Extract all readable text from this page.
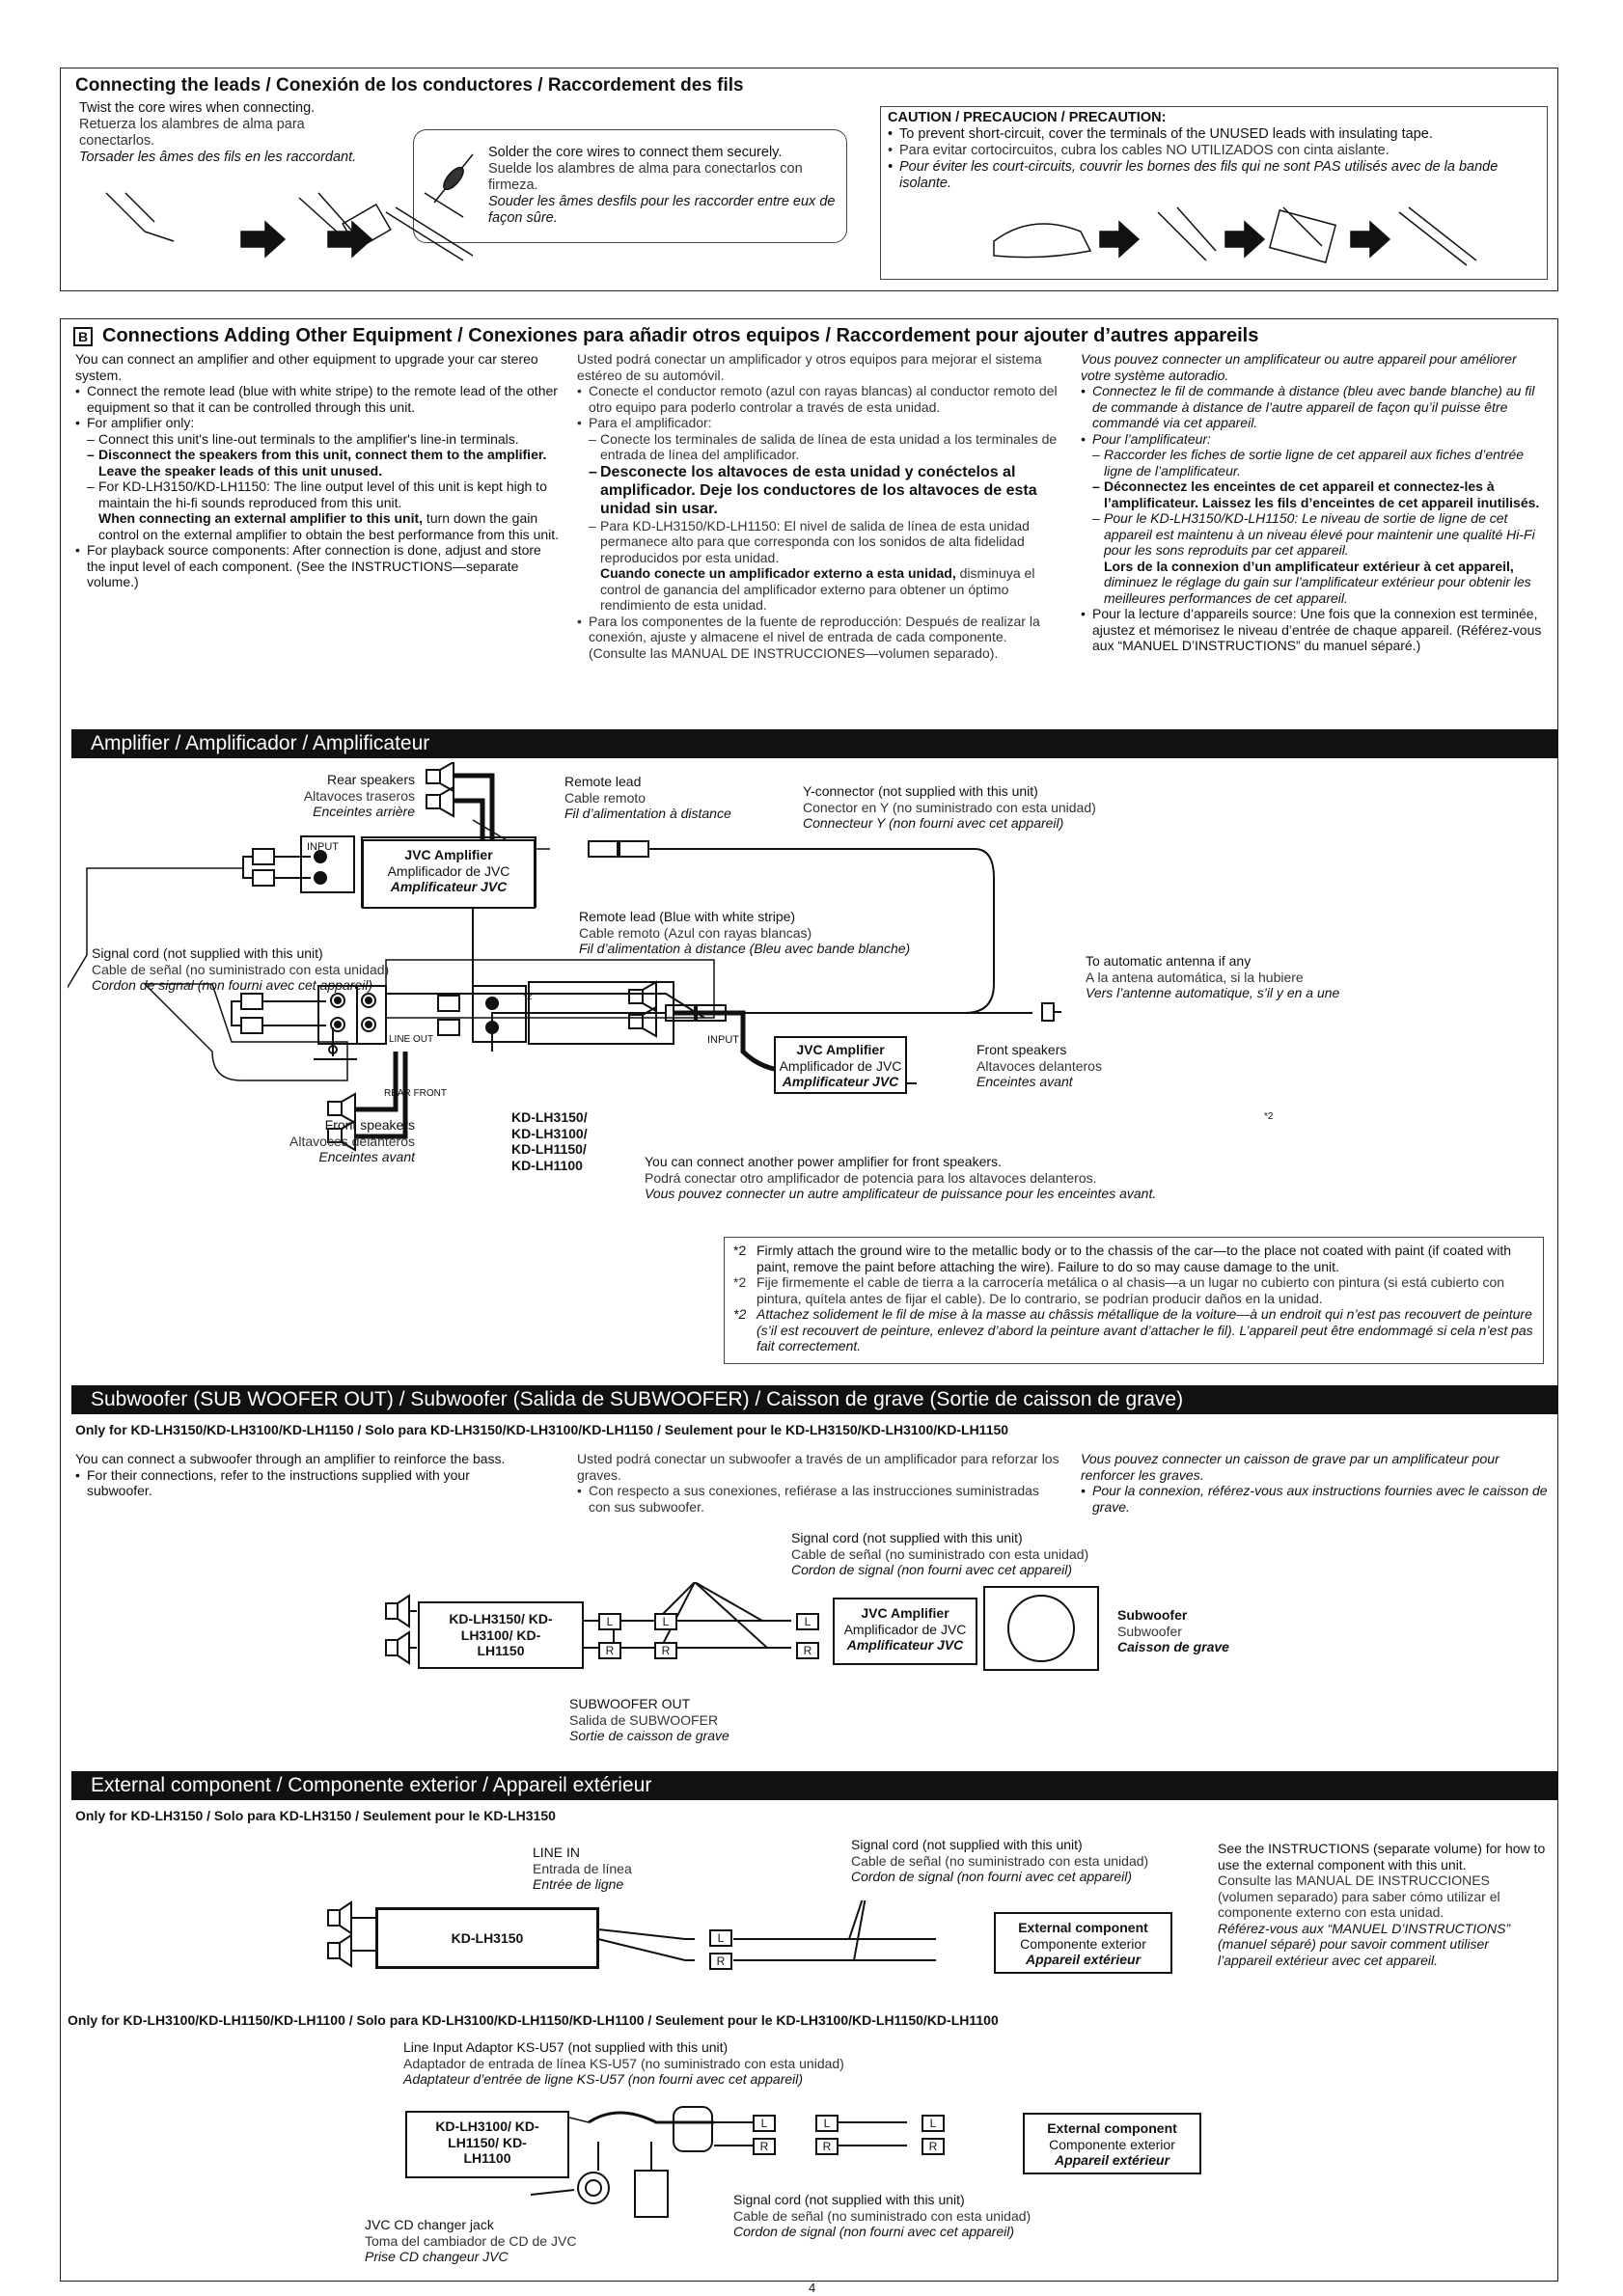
Connecting the leads / Conexión de los conductores / Raccordement des fils
Twist the core wires when connecting.
Retuerza los alambres de alma para conectarlos.
Torsader les âmes des fils en les raccordant.	Solder the core wires to connect them securely.
Suelde los alambres de alma para conectarlos con firmeza.
Souder les âmes desfils pour les raccorder entre eux de façon sûre.
CAUTION / PRECAUCION / PRECAUTION:
• To prevent short-circuit, cover the terminals of the UNUSED leads with insulating tape.
• Para evitar cortocircuitos, cubra los cables NO UTILIZADOS con cinta aislante.
• Pour éviter les court-circuits, couvrir les bornes des fils qui ne sont PAS utilisés avec de la bande isolante.
B Connections Adding Other Equipment / Conexiones para añadir otros equipos / Raccordement pour ajouter d’autres appareils
You can connect an amplifier and other equipment to upgrade your car stereo system.
• Connect the remote lead (blue with white stripe) to the remote lead of the other equipment so that it can be controlled through this unit.
• For amplifier only:
– Connect this unit's line-out terminals to the amplifier's line-in terminals.
– Disconnect the speakers from this unit, connect them to the amplifier. Leave the speaker leads of this unit unused.
– For KD-LH3150/KD-LH1150: The line output level of this unit is kept high to maintain the hi-fi sounds reproduced from this unit.
When connecting an external amplifier to this unit, turn down the gain control on the external amplifier to obtain the best performance from this unit.
• For playback source components: After connection is done, adjust and store the input level of each component. (See the INSTRUCTIONS—separate volume.)
Usted podrá conectar un amplificador y otros equipos para mejorar el sistema estéreo de su automóvil.
• Conecte el conductor remoto (azul con rayas blancas) al conductor remoto del otro equipo para poderlo controlar a través de esta unidad.
• Para el amplificador:
– Conecte los terminales de salida de línea de esta unidad a los terminales de entrada de línea del amplificador.
– Desconecte los altavoces de esta unidad y conéctelos al amplificador. Deje los conductores de los altavoces de esta unidad sin usar.
– Para KD-LH3150/KD-LH1150: El nivel de salida de línea de esta unidad permanece alto para que corresponda con los sonidos de alta fidelidad reproducidos por esta unidad.
Cuando conecte un amplificador externo a esta unidad, disminuya el control de ganancia del amplificador externo para obtener un óptimo rendimiento de esta unidad.
• Para los componentes de la fuente de reproducción: Después de realizar la conexión, ajuste y almacene el nivel de entrada de cada componente. (Consulte las MANUAL DE INSTRUCCIONES—volumen separado).
Vous pouvez connecter un amplificateur ou autre appareil pour améliorer votre système autoradio.
• Connectez le fil de commande à distance (bleu avec bande blanche) au fil de commande à distance de l’autre appareil de façon qu’il puisse être commandé via cet appareil.
• Pour l’amplificateur:
– Raccorder les fiches de sortie ligne de cet appareil aux fiches d’entrée ligne de l’amplificateur.
– Déconnectez les enceintes de cet appareil et connectez-les à l’amplificateur. Laissez les fils d’enceintes de cet appareil inutilisés.
– Pour le KD-LH3150/KD-LH1150: Le niveau de sortie de ligne de cet appareil est maintenu à un niveau élevé pour maintenir une qualité Hi-Fi pour les sons reproduits par cet appareil.
Lors de la connexion d’un amplificateur extérieur à cet appareil, diminuez le réglage du gain sur l’amplificateur extérieur pour obtenir les meilleures performances de cet appareil.
• Pour la lecture d’appareils source: Une fois que la connexion est terminée, ajustez et mémorisez le niveau d’entrée de chaque appareil. (Référez-vous aux “MANUEL D’INSTRUCTIONS” du manuel séparé.)
Amplifier / Amplificador / Amplificateur
Rear speakers
Altavoces traseros
Enceintes arrière
Remote lead
Cable remoto
Fil d’alimentation à distance
Y-connector (not supplied with this unit)
Conector en Y (no suministrado con esta unidad)
Connecteur Y (non fourni avec cet appareil)
INPUT	JVC Amplifier
Amplificador de JVC
Amplificateur JVC
Remote lead (Blue with white stripe)
Cable remoto (Azul con rayas blancas)
Fil d’alimentation à distance (Bleu avec bande blanche)
Signal cord (not supplied with this unit)
Cable de señal (no suministrado con esta unidad)
Cordon de signal (non fourni avec cet appareil)
To automatic antenna if any
A la antena automática, si la hubiere
Vers l’antenne automatique, s’il y en a une
LINE OUT
REAR FRONT
*2
INPUT
JVC Amplifier
Amplificador de JVC
Amplificateur JVC
Front speakers
Altavoces delanteros
Enceintes avant
*2
Front speakers
Altavoces delanteros
Enceintes avant
KD-LH3150/ KD-LH3100/ KD-LH1150/ KD-LH1100	You can connect another power amplifier for front speakers.
Podrá conectar otro amplificador de potencia para los altavoces delanteros.
Vous pouvez connecter un autre amplificateur de puissance pour les enceintes avant.
*2 Firmly attach the ground wire to the metallic body or to the chassis of the car—to the place not coated with paint (if coated with paint, remove the paint before attaching the wire). Failure to do so may cause damage to the unit.
*2 Fije firmemente el cable de tierra a la carrocería metálica o al chasis—a un lugar no cubierto con pintura (si está cubierto con pintura, quítela antes de fijar el cable). De lo contrario, se podrían producir daños en la unidad.
*2 Attachez solidement le fil de mise à la masse au châssis métallique de la voiture—à un endroit qui n’est pas recouvert de peinture (s’il est recouvert de peinture, enlevez d’abord la peinture avant d’attacher le fil). L’appareil peut être endommagé si cela n’est pas fait correctement.
Subwoofer (SUB WOOFER OUT) / Subwoofer (Salida de SUBWOOFER) / Caisson de grave (Sortie de caisson de grave)
Only for KD-LH3150/KD-LH3100/KD-LH1150 / Solo para KD-LH3150/KD-LH3100/KD-LH1150 / Seulement pour le KD-LH3150/KD-LH3100/KD-LH1150
You can connect a subwoofer through an amplifier to reinforce the bass.
• For their connections, refer to the instructions supplied with your subwoofer.
Usted podrá conectar un subwoofer a través de un amplificador para reforzar los graves.
• Con respecto a sus conexiones, refiérase a las instrucciones suministradas con sus subwoofer.
Vous pouvez connecter un caisson de grave par un amplificateur pour renforcer les graves.
• Pour la connexion, référez-vous aux instructions fournies avec le caisson de grave.
Signal cord (not supplied with this unit)
Cable de señal (no suministrado con esta unidad)
Cordon de signal (non fourni avec cet appareil)
KD-LH3150/ KD-LH3100/ KD-LH1150
L	L
R	R
L
R
JVC Amplifier
Amplificador de JVC
Amplificateur JVC
Subwoofer
Subwoofer
Caisson de grave
SUBWOOFER OUT
Salida de SUBWOOFER
Sortie de caisson de grave
External component / Componente exterior / Appareil extérieur
Only for KD-LH3150 / Solo para KD-LH3150 / Seulement pour le KD-LH3150
LINE IN
Entrada de línea
Entrée de ligne
Signal cord (not supplied with this unit)
Cable de señal (no suministrado con esta unidad)
Cordon de signal (non fourni avec cet appareil)
See the INSTRUCTIONS (separate volume) for how to use the external component with this unit.
Consulte las MANUAL DE INSTRUCCIONES (volumen separado) para saber cómo utilizar el componente externo con esta unidad.
Référez-vous aux “MANUEL D’INSTRUCTIONS” (manuel séparé) pour savoir comment utiliser l’appareil extérieur avec cet appareil.
KD-LH3150	L
R
External component
Componente exterior
Appareil extérieur
Only for KD-LH3100/KD-LH1150/KD-LH1100 / Solo para KD-LH3100/KD-LH1150/KD-LH1100 / Seulement pour le KD-LH3100/KD-LH1150/KD-LH1100
Line Input Adaptor KS-U57 (not supplied with this unit)
Adaptador de entrada de línea KS-U57 (no suministrado con esta unidad)
Adaptateur d’entrée de ligne KS-U57 (non fourni avec cet appareil)
KD-LH3100/ KD-LH1150/ KD-LH1100
L
R
L
R
L
R
External component
Componente exterior
Appareil extérieur
Signal cord (not supplied with this unit)
Cable de señal (no suministrado con esta unidad)
Cordon de signal (non fourni avec cet appareil)
JVC CD changer jack
Toma del cambiador de CD de JVC
Prise CD changeur JVC
4
